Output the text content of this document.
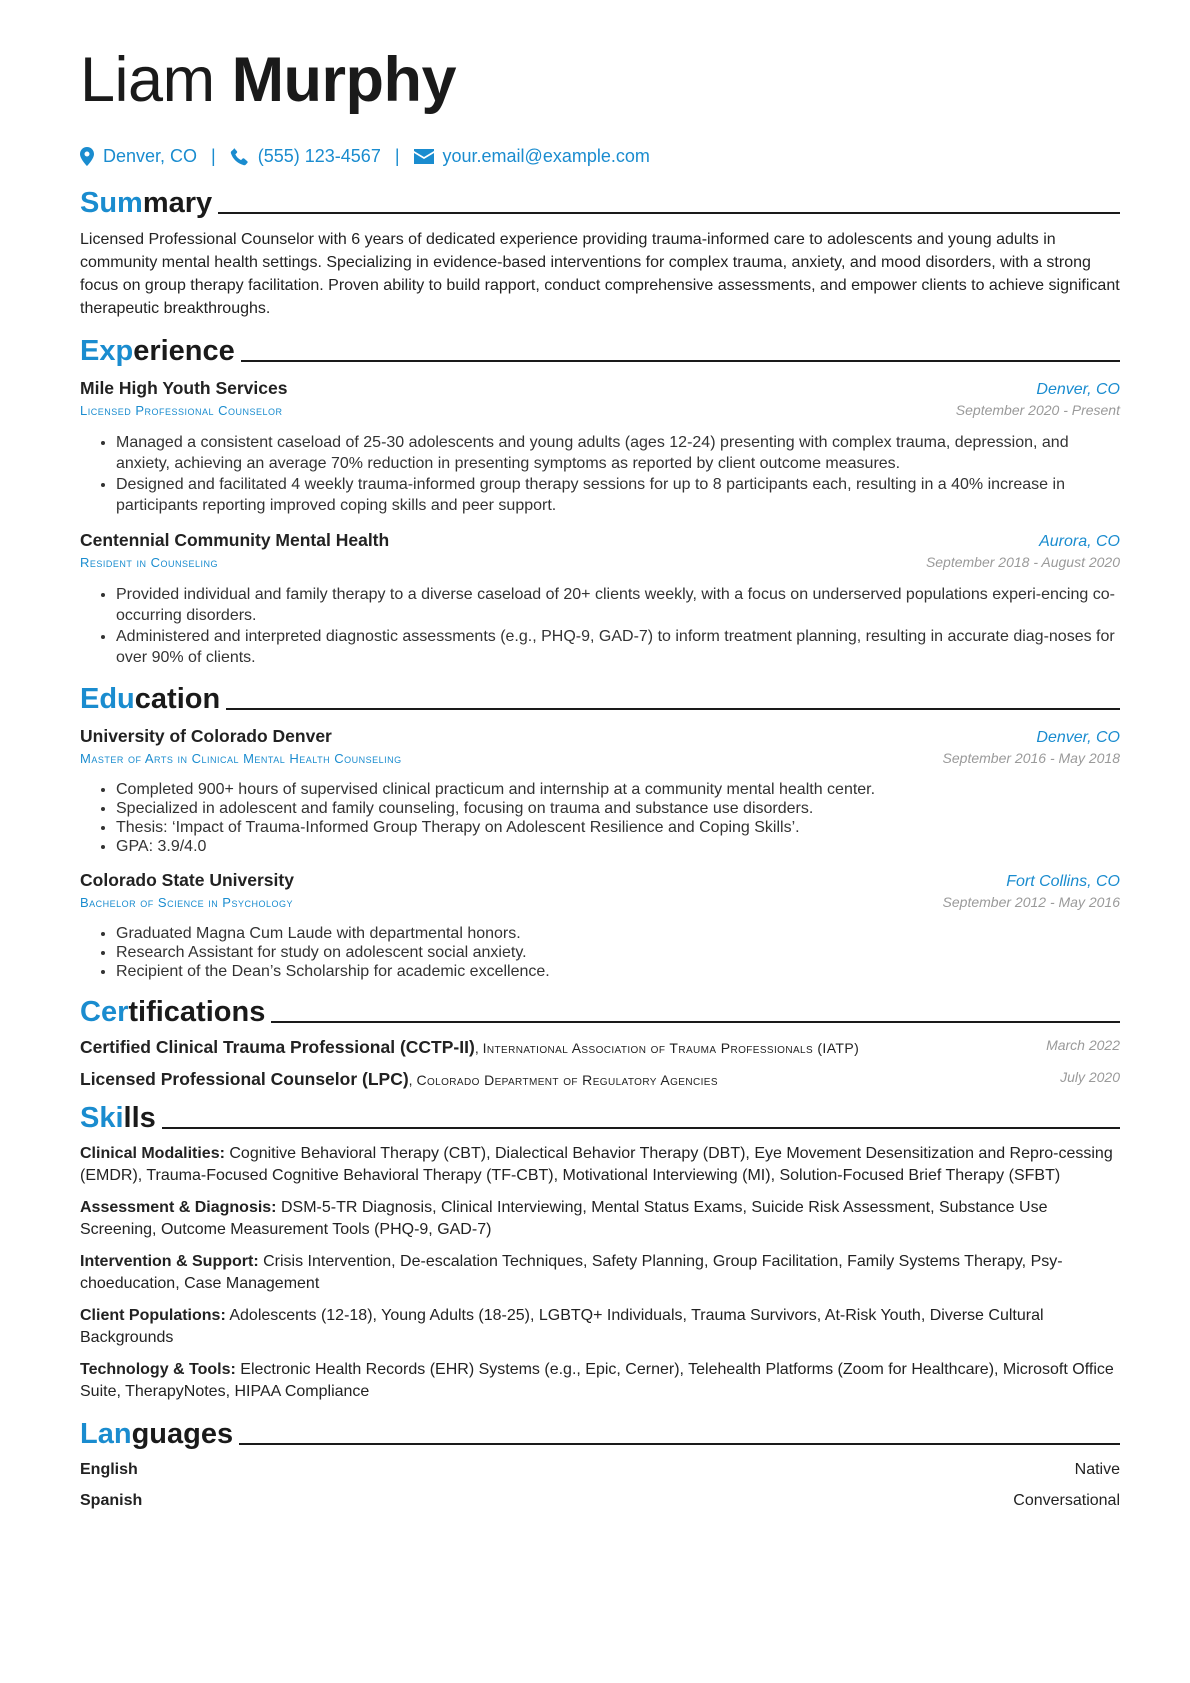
Liam Murphy
Denver, CO | (555) 123-4567 | your.email@example.com
Summary

Licensed Professional Counselor with 6 years of dedicated experience providing trauma-informed care to adolescents and young adults in community mental health settings. Specializing in evidence-based interventions for complex trauma, anxiety, and mood disorders, with a strong focus on group therapy facilitation. Proven ability to build rapport, conduct comprehensive assessments, and empower clients to achieve significant therapeutic breakthroughs.

Experience
Mile High Youth Services	Denver, CO
Licensed Professional Counselor	September 2020 - Present
• Managed a consistent caseload of 25-30 adolescents and young adults (ages 12-24) presenting with complex trauma, depression, and anxiety, achieving an average 70% reduction in presenting symptoms as reported by client outcome measures.
• Designed and facilitated 4 weekly trauma-informed group therapy sessions for up to 8 participants each, resulting in a 40% increase in participants reporting improved coping skills and peer support.
Centennial Community Mental Health	Aurora, CO
Resident in Counseling	September 2018 - August 2020
• Provided individual and family therapy to a diverse caseload of 20+ clients weekly, with a focus on underserved populations experi-encing co-occurring disorders.
• Administered and interpreted diagnostic assessments (e.g., PHQ-9, GAD-7) to inform treatment planning, resulting in accurate diag-noses for over 90% of clients.
Education
University of Colorado Denver	Denver, CO
Master of Arts in Clinical Mental Health Counseling	September 2016 - May 2018
• Completed 900+ hours of supervised clinical practicum and internship at a community mental health center.
• Specialized in adolescent and family counseling, focusing on trauma and substance use disorders.
• Thesis: ‘Impact of Trauma-Informed Group Therapy on Adolescent Resilience and Coping Skills’.
• GPA: 3.9/4.0
Colorado State University	Fort Collins, CO
Bachelor of Science in Psychology	September 2012 - May 2016
• Graduated Magna Cum Laude with departmental honors.
• Research Assistant for study on adolescent social anxiety.
• Recipient of the Dean’s Scholarship for academic excellence.
Certifications
Certified Clinical Trauma Professional (CCTP-II), International Association of Trauma Professionals (IATP)	March 2022
Licensed Professional Counselor (LPC), Colorado Department of Regulatory Agencies	July 2020
Skills
Clinical Modalities: Cognitive Behavioral Therapy (CBT), Dialectical Behavior Therapy (DBT), Eye Movement Desensitization and Repro-cessing (EMDR), Trauma-Focused Cognitive Behavioral Therapy (TF-CBT), Motivational Interviewing (MI), Solution-Focused Brief Therapy (SFBT)
Assessment & Diagnosis: DSM-5-TR Diagnosis, Clinical Interviewing, Mental Status Exams, Suicide Risk Assessment, Substance Use Screening, Outcome Measurement Tools (PHQ-9, GAD-7)
Intervention & Support: Crisis Intervention, De-escalation Techniques, Safety Planning, Group Facilitation, Family Systems Therapy, Psy-choeducation, Case Management
Client Populations: Adolescents (12-18), Young Adults (18-25), LGBTQ+ Individuals, Trauma Survivors, At-Risk Youth, Diverse Cultural Backgrounds
Technology & Tools: Electronic Health Records (EHR) Systems (e.g., Epic, Cerner), Telehealth Platforms (Zoom for Healthcare), Microsoft Office Suite, TherapyNotes, HIPAA Compliance
Languages
English	Native
Spanish	Conversational
